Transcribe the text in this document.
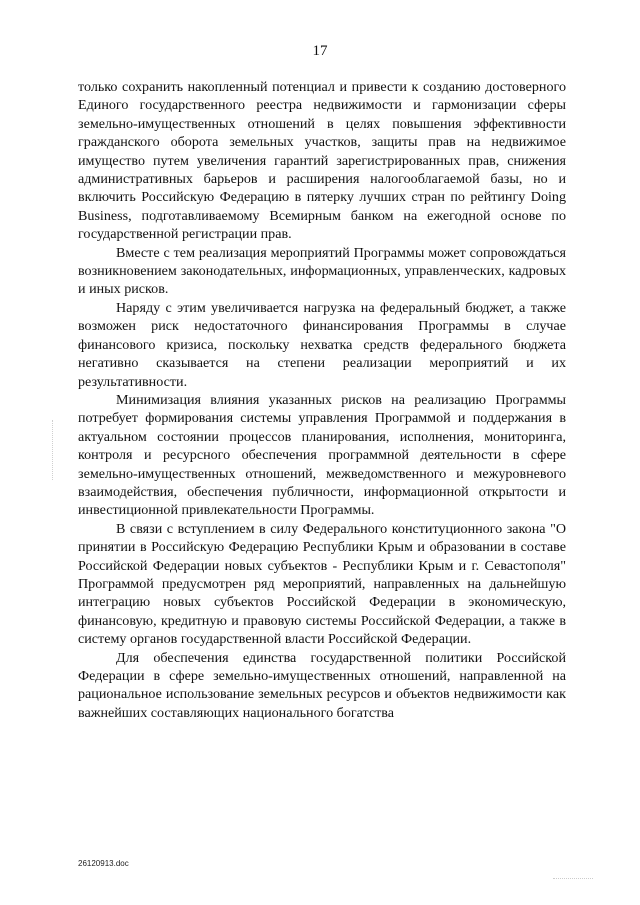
17

только сохранить накопленный потенциал и привести к созданию достоверного Единого государственного реестра недвижимости и гармонизации сферы земельно-имущественных отношений в целях повышения эффективности гражданского оборота земельных участков, защиты прав на недвижимое имущество путем увеличения гарантий зарегистрированных прав, снижения административных барьеров и расширения налогооблагаемой базы, но и включить Российскую Федерацию в пятерку лучших стран по рейтингу Doing Business, подготавливаемому Всемирным банком на ежегодной основе по государственной регистрации прав.

Вместе с тем реализация мероприятий Программы может сопровождаться возникновением законодательных, информационных, управленческих, кадровых и иных рисков.

Наряду с этим увеличивается нагрузка на федеральный бюджет, а также возможен риск недостаточного финансирования Программы в случае финансового кризиса, поскольку нехватка средств федерального бюджета негативно сказывается на степени реализации мероприятий и их результативности.

Минимизация влияния указанных рисков на реализацию Программы потребует формирования системы управления Программой и поддержания в актуальном состоянии процессов планирования, исполнения, мониторинга, контроля и ресурсного обеспечения программной деятельности в сфере земельно-имущественных отношений, межведомственного и межуровневого взаимодействия, обеспечения публичности, информационной открытости и инвестиционной привлекательности Программы.

В связи с вступлением в силу Федерального конституционного закона "О принятии в Российскую Федерацию Республики Крым и образовании в составе Российской Федерации новых субъектов - Республики Крым и г. Севастополя" Программой предусмотрен ряд мероприятий, направленных на дальнейшую интеграцию новых субъектов Российской Федерации в экономическую, финансовую, кредитную и правовую системы Российской Федерации, а также в систему органов государственной власти Российской Федерации.

Для обеспечения единства государственной политики Российской Федерации в сфере земельно-имущественных отношений, направленной на рациональное использование земельных ресурсов и объектов недвижимости как важнейших составляющих национального богатства

26120913.doc
